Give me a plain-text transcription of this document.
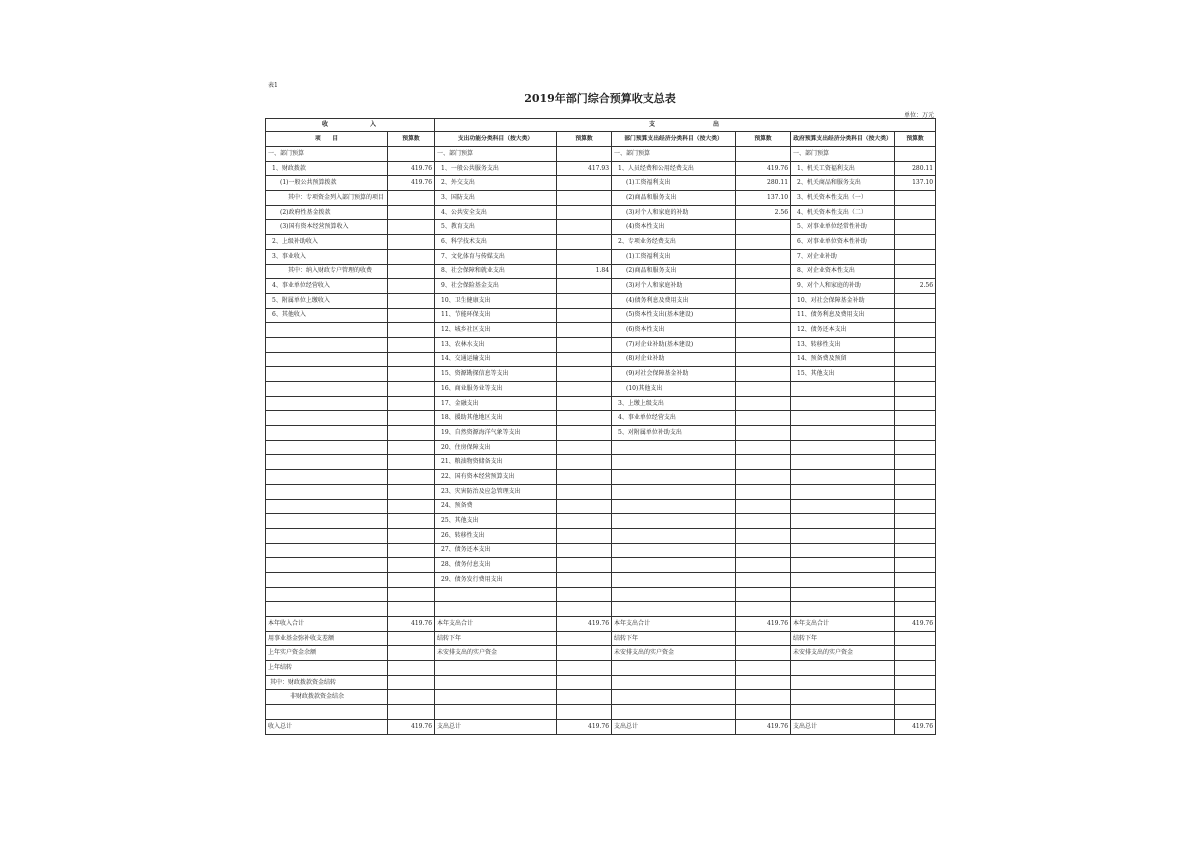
表1
2019年部门综合预算收支总表
单位：万元
收　　　　　入		支　　　　　　　出					
项　　目	预算数	支出功能分类科目（按大类）	预算数	部门预算支出经济分类科目（按大类）	预算数	政府预算支出经济分类科目（按大类）	预算数
一、部门预算		一、部门预算		一、部门预算		一、部门预算	
1、财政拨款	419.76	1、一般公共服务支出	417.93	1、人员经费和公用经费支出	419.76	1、机关工资福利支出	280.11
(1)一般公共预算拨款	419.76	2、外交支出		(1)工资福利支出	280.11	2、机关商品和服务支出	137.10
其中：专项资金列入部门预算的项目		3、国防支出		(2)商品和服务支出	137.10	3、机关资本性支出（一）	
(2)政府性基金拨款		4、公共安全支出		(3)对个人和家庭的补助	2.56	4、机关资本性支出（二）	
(3)国有资本经营预算收入		5、教育支出		(4)资本性支出		5、对事业单位经常性补助	
2、上级补助收入		6、科学技术支出		2、专项业务经费支出		6、对事业单位资本性补助	
3、事业收入		7、文化体育与传媒支出		(1)工资福利支出		7、对企业补助	
其中：纳入财政专户管理的收费		8、社会保障和就业支出	1.84	(2)商品和服务支出		8、对企业资本性支出	
4、事业单位经营收入		9、社会保险基金支出		(3)对个人和家庭补助		9、对个人和家庭的补助	2.56
5、附属单位上缴收入		10、卫生健康支出		(4)债务利息及费用支出		10、对社会保障基金补助	
6、其他收入		11、节能环保支出		(5)资本性支出(基本建设)		11、债务利息及费用支出	
		12、城乡社区支出		(6)资本性支出		12、债务还本支出	
		13、农林水支出		(7)对企业补助(基本建设)		13、转移性支出	
		14、交通运输支出		(8)对企业补助		14、预备费及预留	
		15、资源勘探信息等支出		(9)对社会保障基金补助		15、其他支出	
		16、商业服务业等支出		(10)其他支出			
		17、金融支出		3、上缴上级支出			
		18、援助其他地区支出		4、事业单位经营支出			
		19、自然资源海洋气象等支出		5、对附属单位补助支出			
		20、住房保障支出					
		21、粮油物资储备支出					
		22、国有资本经营预算支出					
		23、灾害防治及应急管理支出					
		24、预备费					
		25、其他支出					
		26、转移性支出					
		27、债务还本支出					
		28、债务付息支出					
		29、债务发行费用支出					

本年收入合计	419.76	本年支出合计	419.76	本年支出合计	419.76	本年支出合计	419.76
用事业基金弥补收支差额		结转下年		结转下年		结转下年	
上年实户资金余额		未安排支出的实户资金		未安排支出的实户资金		未安排支出的实户资金	
上年结转							
其中：财政拨款资金结转							
非财政拨款资金结余							

收入总计	419.76	支出总计	419.76	支出总计	419.76	支出总计	419.76
